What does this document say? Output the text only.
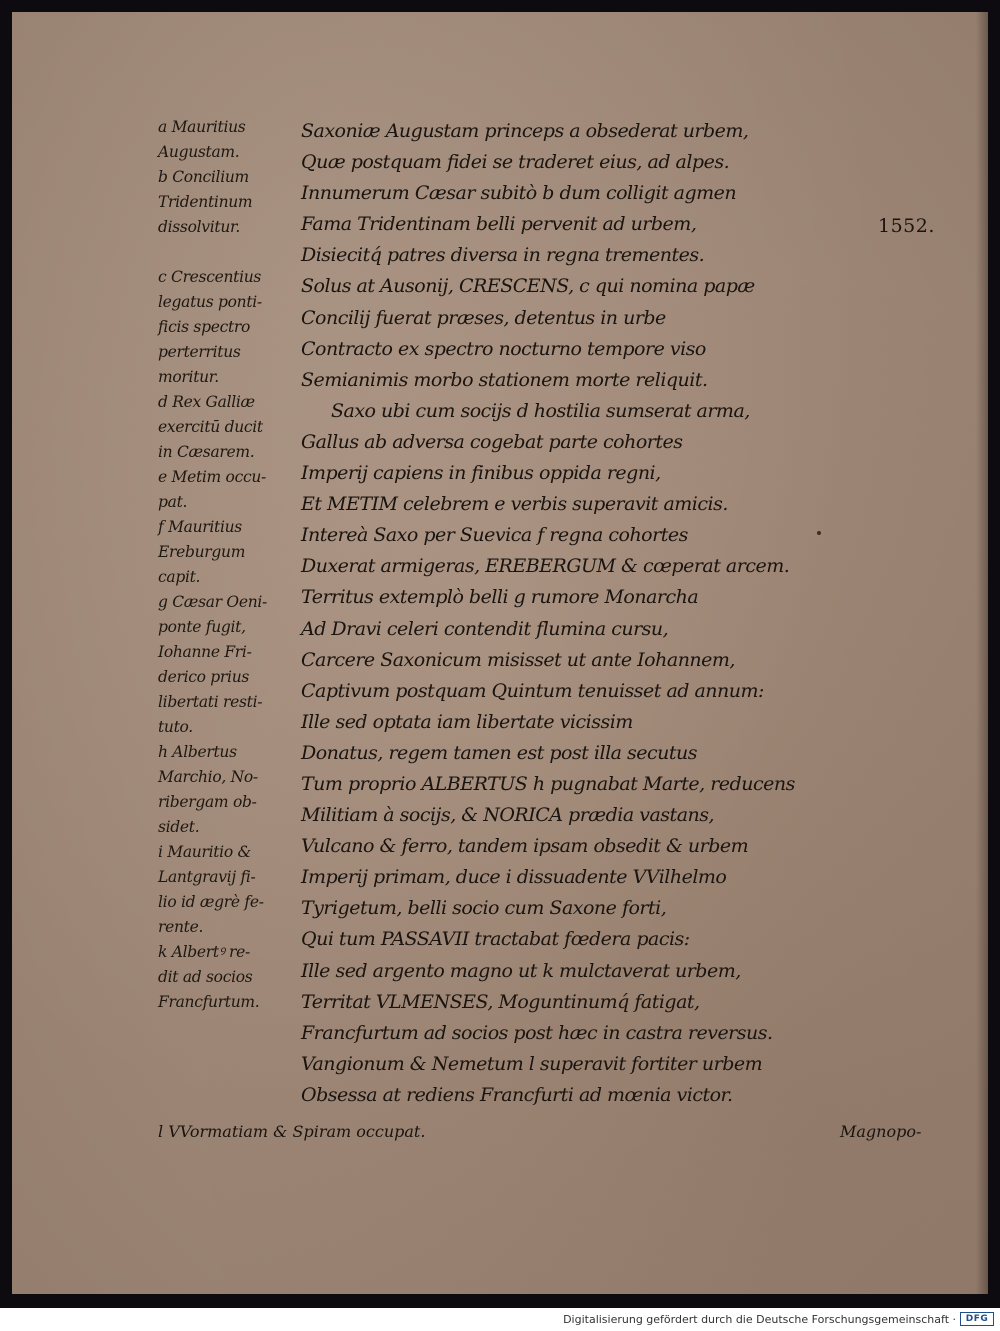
a Mauritius
Augustam.
b Concilium
Tridentinum
dissolvitur.
c Crescentius
legatus ponti-
ficis spectro
perterritus
moritur.
d Rex Galliæ
exercitū ducit
in Cæsarem.
e Metim occu-
pat.
f Mauritius
Ereburgum
capit.
g Cæsar Oeni-
ponte fugit,
Iohanne Fri-
derico prius
libertati resti-
tuto.
h Albertus
Marchio, No-
ribergam ob-
sidet.
i Mauritio &
Lantgravij fi-
lio id ægrè fe-
rente.
k Albertꝰ re-
dit ad socios
Francfurtum.
Saxoniæ Augustam princeps a obsederat urbem,
Quæ postquam fidei se traderet eius, ad alpes.
Innumerum Cæsar subitò b dum colligit agmen
Fama Tridentinam belli pervenit ad urbem,
Disiecitq́ patres diversa in regna trementes.
Solus at Ausonij, CRESCENS, c qui nomina papæ
Concilij fuerat præses, detentus in urbe
Contracto ex spectro nocturno tempore viso
Semianimis morbo stationem morte reliquit.
Saxo ubi cum socijs d hostilia sumserat arma,
Gallus ab adversa cogebat parte cohortes
Imperij capiens in finibus oppida regni,
Et METIM celebrem e verbis superavit amicis.
Intereà Saxo per Suevica f regna cohortes
Duxerat armigeras, EREBERGUM & cœperat arcem.
Territus extemplò belli g rumore Monarcha
Ad Dravi celeri contendit flumina cursu,
Carcere Saxonicum misisset ut ante Iohannem,
Captivum postquam Quintum tenuisset ad annum:
Ille sed optata iam libertate vicissim
Donatus, regem tamen est post illa secutus
Tum proprio ALBERTUS h pugnabat Marte, reducens
Militiam à socijs, & NORICA prædia vastans,
Vulcano & ferro, tandem ipsam obsedit & urbem
Imperij primam, duce i dissuadente VVilhelmo
Tyrigetum, belli socio cum Saxone forti,
Qui tum PASSAVII tractabat fœdera pacis:
Ille sed argento magno ut k mulctaverat urbem,
Territat VLMENSES, Moguntinumq́ fatigat,
Francfurtum ad socios post hæc in castra reversus.
Vangionum & Nemetum l superavit fortiter urbem
Obsessa at rediens Francfurti ad mœnia victor.
1552.
l VVormatiam & Spiram occupat.	Magnopo-
Digitalisierung gefördert durch die Deutsche Forschungsgemeinschaft ·	DFG
